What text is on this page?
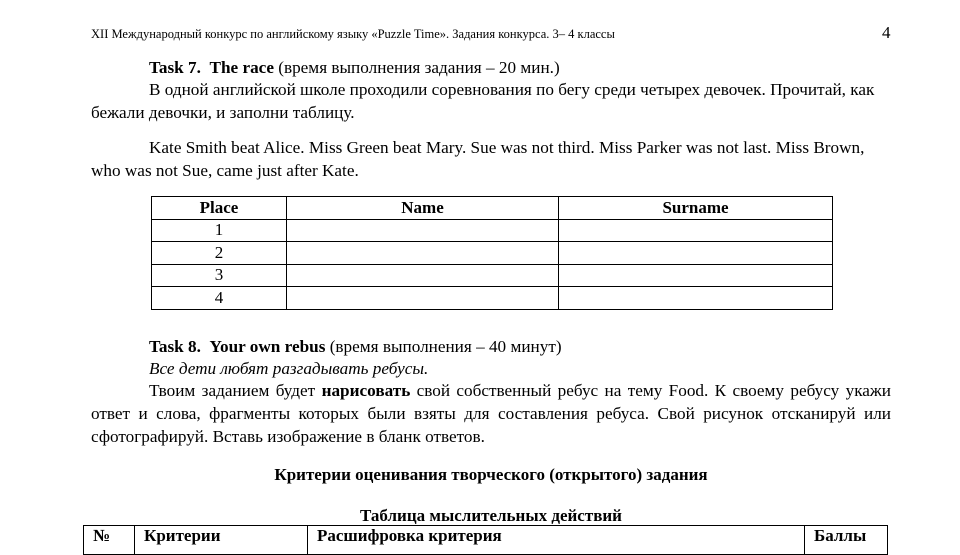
XII Международный конкурс по английскому языку «Puzzle Time». Задания конкурса. 3– 4 классы	4
Task 7. The race (время выполнения задания – 20 мин.)
В одной английской школе проходили соревнования по бегу среди четырех девочек. Прочитай, как бежали девочки, и заполни таблицу.
Kate Smith beat Alice. Miss Green beat Mary. Sue was not third. Miss Parker was not last. Miss Brown, who was not Sue, came just after Kate.
Place	Name	Surname
1		
2		
3		
4		
Task 8. Your own rebus (время выполнения – 40 минут)
Все дети любят разгадывать ребусы.
Твоим заданием будет нарисовать свой собственный ребус на тему Food. К своему ребусу укажи ответ и слова, фрагменты которых были взяты для составления ребуса. Свой рисунок отсканируй или сфотографируй. Вставь изображение в бланк ответов.
Критерии оценивания творческого (открытого) задания
Таблица мыслительных действий
№	Критерии	Расшифровка критерия	Баллы
